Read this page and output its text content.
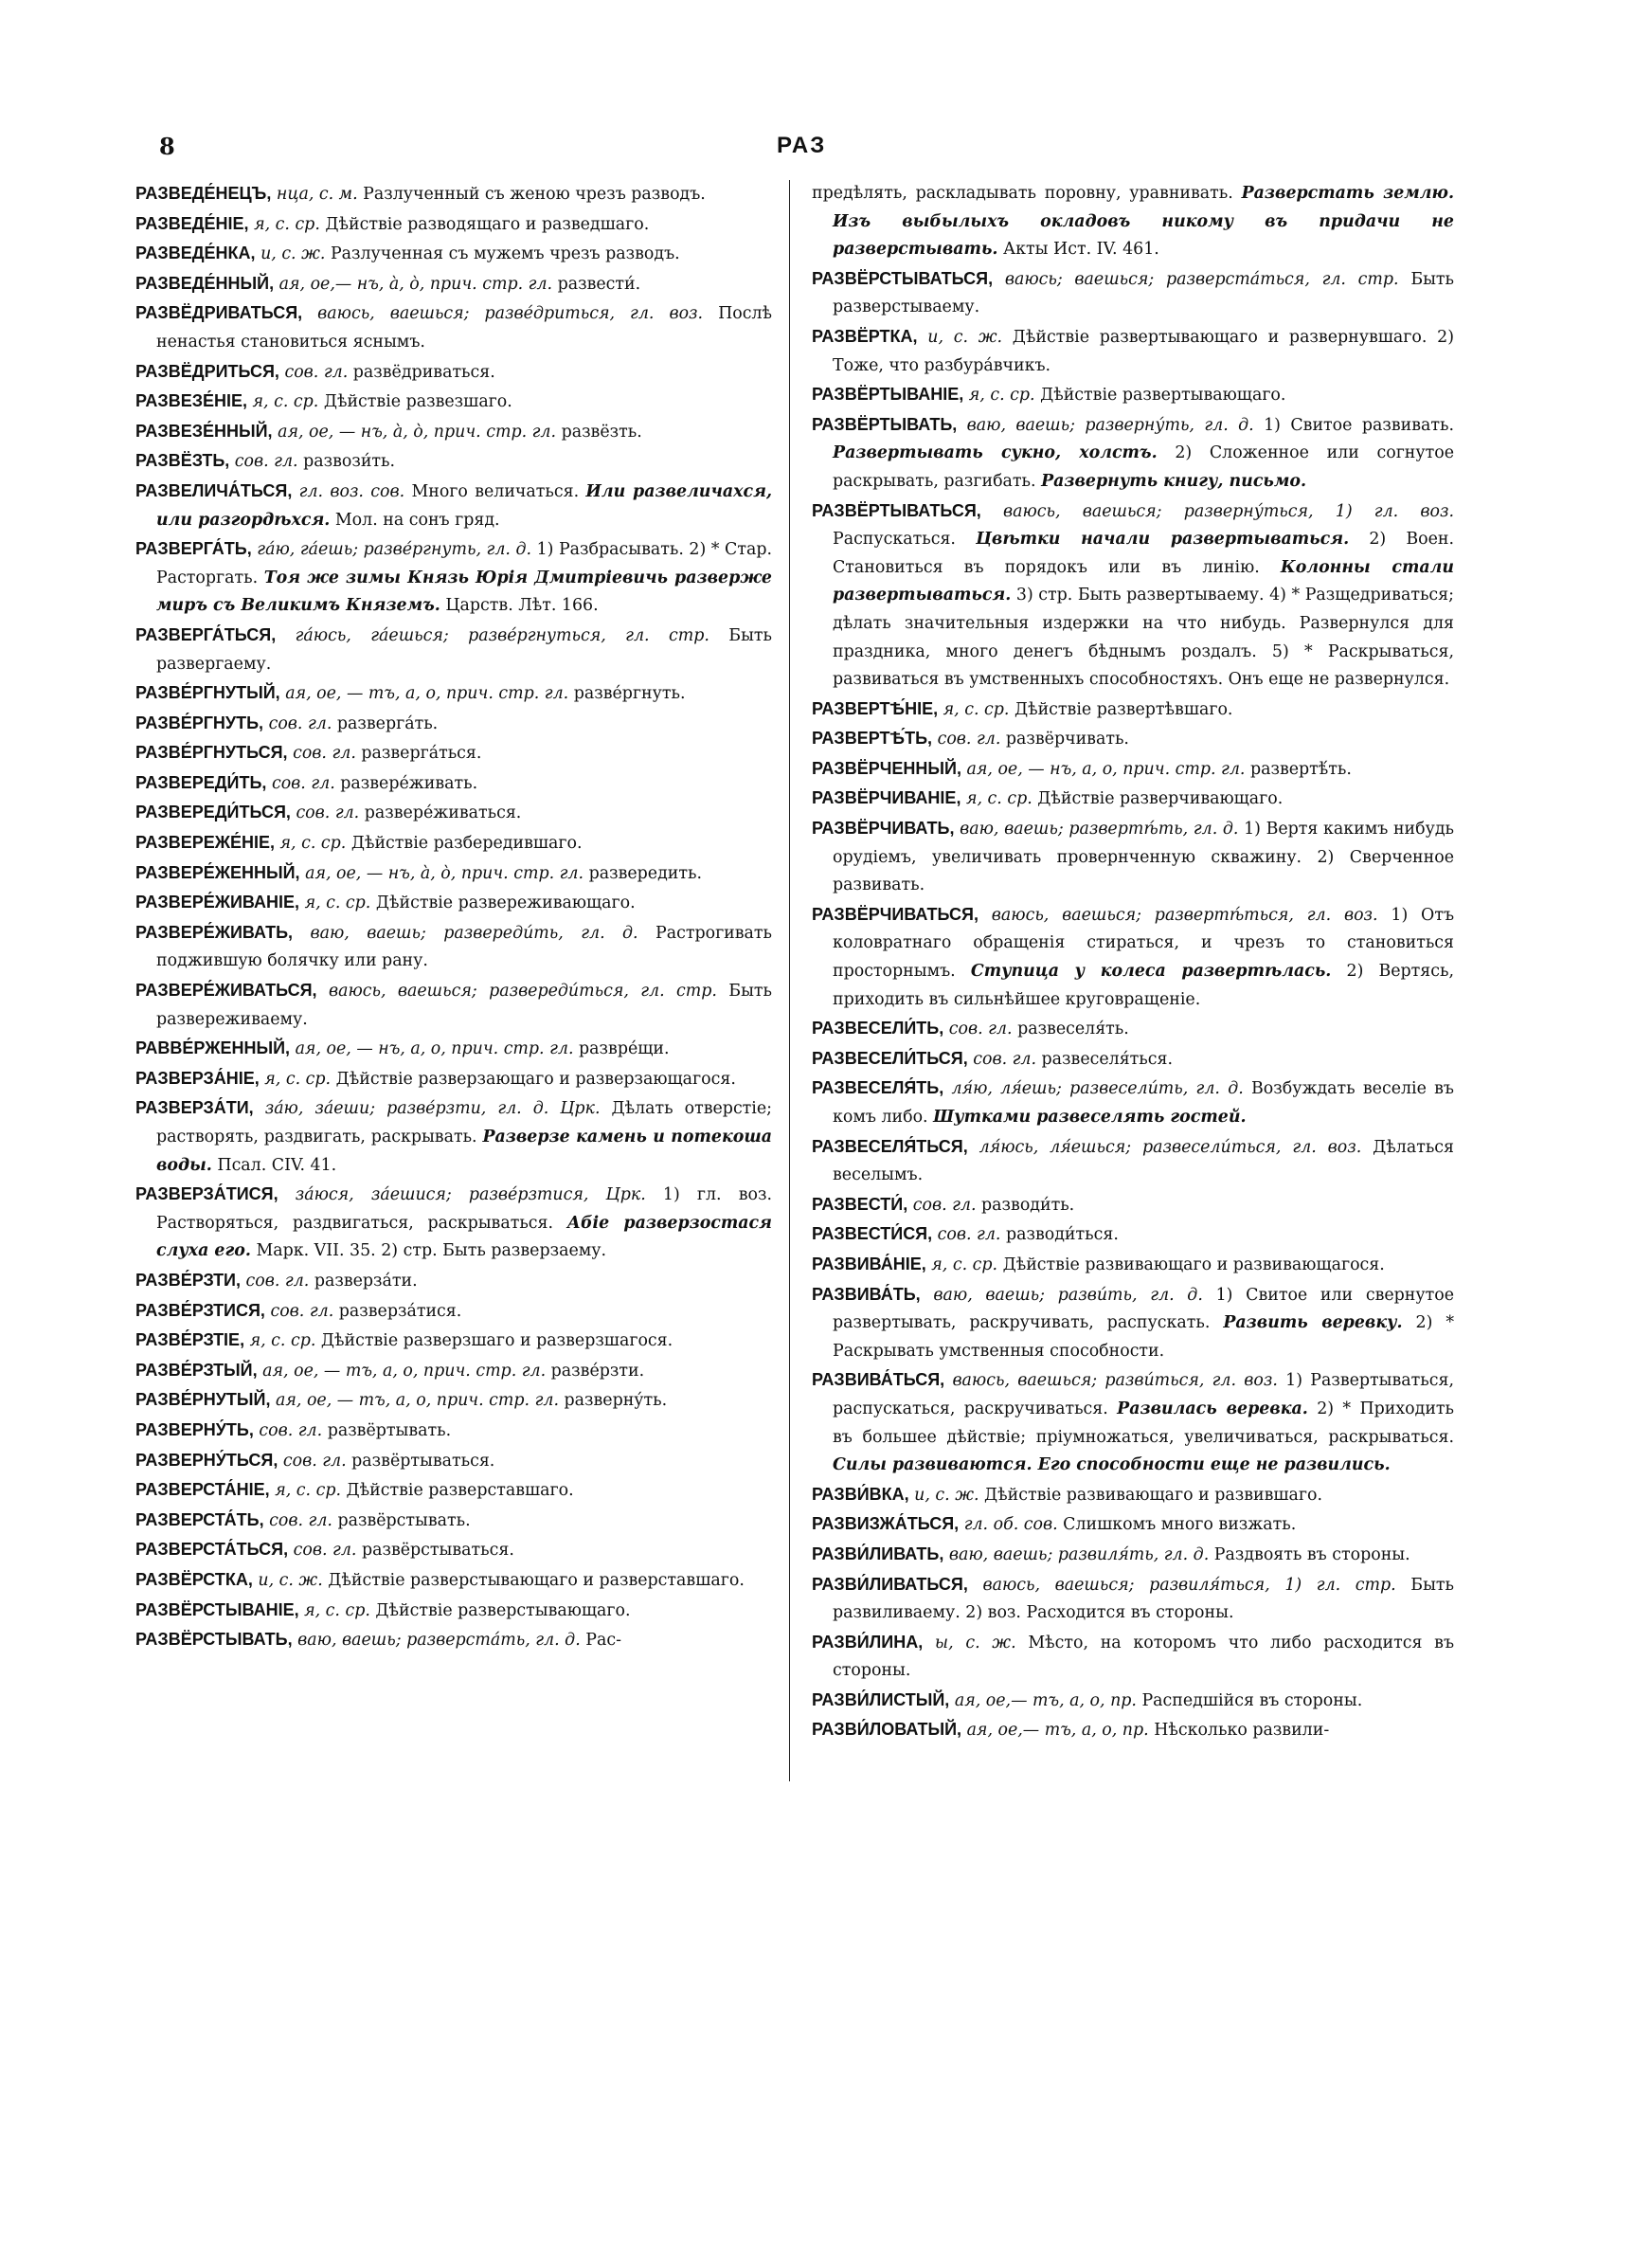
8	РАЗ

РАЗВЕДЕ́НЕЦЪ, нца, с. м. Разлученный съ женою чрезъ разводъ.

РАЗВЕДЕ́НІЕ, я, с. ср. Дѣйствіе разводящаго и разведшаго.

РАЗВЕДЕ́НКА, и, с. ж. Разлученная съ мужемъ чрезъ разводъ.

РАЗВЕДЕ́ННЫЙ, ая, ое,— нъ, а̀, о̀, прич. стр. гл. развести́.

РАЗВЁДРИВАТЬСЯ, ваюсь, ваешься; разве́дриться, гл. воз. Послѣ ненастья становиться яснымъ.

РАЗВЁДРИТЬСЯ, сов. гл. развёдриваться.

РАЗВЕЗЕ́НІЕ, я, с. ср. Дѣйствіе развезшаго.

РАЗВЕЗЕ́ННЫЙ, ая, ое, — нъ, а̀, о̀, прич. стр. гл. развёзть.

РАЗВЁЗТЬ, сов. гл. развози́ть.

РАЗВЕЛИЧА́ТЬСЯ, гл. воз. сов. Много величаться. Или развеличахся, или разгордѣхся. Мол. на сонъ гряд.

РАЗВЕРГА́ТЬ, га́ю, га́ешь; разве́ргнуть, гл. д. 1) Разбрасывать. 2) * Стар. Расторгать. Тоя же зимы Князь Юрія Дмитріевичь разверже миръ съ Великимъ Княземъ. Царств. Лѣт. 166.

РАЗВЕРГА́ТЬСЯ, га́юсь, га́ешься; разве́ргнуться, гл. стр. Быть развергаему.

РАЗВЕ́РГНУТЫЙ, ая, ое, — тъ, а, о, прич. стр. гл. разве́ргнуть.

РАЗВЕ́РГНУТЬ, сов. гл. разверга́ть.

РАЗВЕ́РГНУТЬСЯ, сов. гл. разверга́ться.

РАЗВЕРЕДИ́ТЬ, сов. гл. развере́живать.

РАЗВЕРЕДИ́ТЬСЯ, сов. гл. развере́живаться.

РАЗВЕРЕЖЕ́НІЕ, я, с. ср. Дѣйствіе разбередившаго.

РАЗВЕРЕ́ЖЕННЫЙ, ая, ое, — нъ, а̀, о̀, прич. стр. гл. развередить.

РАЗВЕРЕ́ЖИВАНІЕ, я, с. ср. Дѣйствіе развереживающаго.

РАЗВЕРЕ́ЖИВАТЬ, ваю, ваешь; развереди́ть, гл. д. Растрогивать поджившую болячку или рану.

РАЗВЕРЕ́ЖИВАТЬСЯ, ваюсь, ваешься; развереди́ться, гл. стр. Быть развереживаему.

РАВВЕ́РЖЕННЫЙ, ая, ое, — нъ, а, о, прич. стр. гл. развре́щи.

РАЗВЕРЗА́НІЕ, я, с. ср. Дѣйствіе разверзающаго и разверзающагося.

РАЗВЕРЗА́ТИ, за́ю, за́еши; разве́рзти, гл. д. Црк. Дѣлать отверстіе; растворять, раздвигать, раскрывать. Разверзе камень и потекоша воды. Псал. CIV. 41.

РАЗВЕРЗА́ТИСЯ, за́юся, за́ешися; разве́рзтися, Црк. 1) гл. воз. Растворяться, раздвигаться, раскрываться. Абіе разверзостася слуха его. Марк. VII. 35. 2) стр. Быть разверзаему.

РАЗВЕ́РЗТИ, сов. гл. разверза́ти.

РАЗВЕ́РЗТИСЯ, сов. гл. разверза́тися.

РАЗВЕ́РЗТІЕ, я, с. ср. Дѣйствіе разверзшаго и разверзшагося.

РАЗВЕ́РЗТЫЙ, ая, ое, — тъ, а, о, прич. стр. гл. разве́рзти.

РАЗВЕ́РНУТЫЙ, ая, ое, — тъ, а, о, прич. стр. гл. разверну́ть.

РАЗВЕРНУ́ТЬ, сов. гл. развёртывать.

РАЗВЕРНУ́ТЬСЯ, сов. гл. развёртываться.

РАЗВЕРСТА́НІЕ, я, с. ср. Дѣйствіе разверставшаго.

РАЗВЕРСТА́ТЬ, сов. гл. развёрстывать.

РАЗВЕРСТА́ТЬСЯ, сов. гл. развёрстываться.

РАЗВЁРСТКА, и, с. ж. Дѣйствіе разверстывающаго и разверставшаго.

РАЗВЁРСТЫВАНІЕ, я, с. ср. Дѣйствіе разверстывающаго.

РАЗВЁРСТЫВАТЬ, ваю, ваешь; разверста́ть, гл. д. Рас-

предѣлять, раскладывать поровну, уравнивать. Разверстать землю. Изъ выбылыхъ окладовъ никому въ придачи не разверстывать. Акты Ист. IV. 461.

РАЗВЁРСТЫВАТЬСЯ, ваюсь; ваешься; разверста́ться, гл. стр. Быть разверстываему.

РАЗВЁРТКА, и, с. ж. Дѣйствіе развертывающаго и развернувшаго. 2) Тоже, что разбура́вчикъ.

РАЗВЁРТЫВАНІЕ, я, с. ср. Дѣйствіе развертывающаго.

РАЗВЁРТЫВАТЬ, ваю, ваешь; разверну́ть, гл. д. 1) Свитое развивать. Развертывать сукно, холстъ. 2) Сложенное или согнутое раскрывать, разгибать. Развернуть книгу, письмо.

РАЗВЁРТЫВАТЬСЯ, ваюсь, ваешься; разверну́ться, 1) гл. воз. Распускаться. Цвѣтки начали развертываться. 2) Воен. Становиться въ порядокъ или въ линію. Колонны стали развертываться. 3) стр. Быть развертываему. 4) * Разщедриваться; дѣлать значительныя издержки на что нибудь. Развернулся для праздника, много денегъ бѣднымъ роздалъ. 5) * Раскрываться, развиваться въ умственныхъ способностяхъ. Онъ еще не развернулся.

РАЗВЕРТѢ́НІЕ, я, с. ср. Дѣйствіе развертѣвшаго.

РАЗВЕРТѢ́ТЬ, сов. гл. развёрчивать.

РАЗВЁРЧЕННЫЙ, ая, ое, — нъ, а, о, прич. стр. гл. развертѣ́ть.

РАЗВЁРЧИВАНІЕ, я, с. ср. Дѣйствіе разверчивающаго.

РАЗВЁРЧИВАТЬ, ваю, ваешь; развертѣ́ть, гл. д. 1) Вертя какимъ нибудь орудіемъ, увеличивать провернченную скважину. 2) Сверченное развивать.

РАЗВЁРЧИВАТЬСЯ, ваюсь, ваешься; развертѣ́ться, гл. воз. 1) Отъ коловратнаго обращенія стираться, и чрезъ то становиться просторнымъ. Ступица у колеса развертѣлась. 2) Вертясь, приходить въ сильнѣйшее круговращеніе.

РАЗВЕСЕЛИ́ТЬ, сов. гл. развеселя́ть.

РАЗВЕСЕЛИ́ТЬСЯ, сов. гл. развеселя́ться.

РАЗВЕСЕЛЯ́ТЬ, ля́ю, ля́ешь; развесели́ть, гл. д. Возбуждать веселіе въ комъ либо. Шутками развеселять гостей.

РАЗВЕСЕЛЯ́ТЬСЯ, ля́юсь, ля́ешься; развесели́ться, гл. воз. Дѣлаться веселымъ.

РАЗВЕСТИ́, сов. гл. разводи́ть.

РАЗВЕСТИ́СЯ, сов. гл. разводи́ться.

РАЗВИВА́НІЕ, я, с. ср. Дѣйствіе развивающаго и развивающагося.

РАЗВИВА́ТЬ, ваю, ваешь; разви́ть, гл. д. 1) Свитое или свернутое развертывать, раскручивать, распускать. Развить веревку. 2) * Раскрывать умственныя способности.

РАЗВИВА́ТЬСЯ, ваюсь, ваешься; разви́ться, гл. воз. 1) Развертываться, распускаться, раскручиваться. Развилась веревка. 2) * Приходить въ большее дѣйствіе; пріумножаться, увеличиваться, раскрываться. Силы развиваются. Его способности еще не развились.

РАЗВИ́ВКА, и, с. ж. Дѣйствіе развивающаго и развившаго.

РАЗВИЗЖА́ТЬСЯ, гл. об. сов. Слишкомъ много визжать.

РАЗВИ́ЛИВАТЬ, ваю, ваешь; развиля́ть, гл. д. Раздвоять въ стороны.

РАЗВИ́ЛИВАТЬСЯ, ваюсь, ваешься; развиля́ться, 1) гл. стр. Быть развиливаему. 2) воз. Расходится въ стороны.

РАЗВИ́ЛИНА, ы, с. ж. Мѣсто, на которомъ что либо расходится въ стороны.

РАЗВИ́ЛИСТЫЙ, ая, ое,— тъ, а, о, пр. Распедшійся въ стороны.

РАЗВИ́ЛОВАТЫЙ, ая, ое,— тъ, а, о, пр. Нѣсколько развили-
